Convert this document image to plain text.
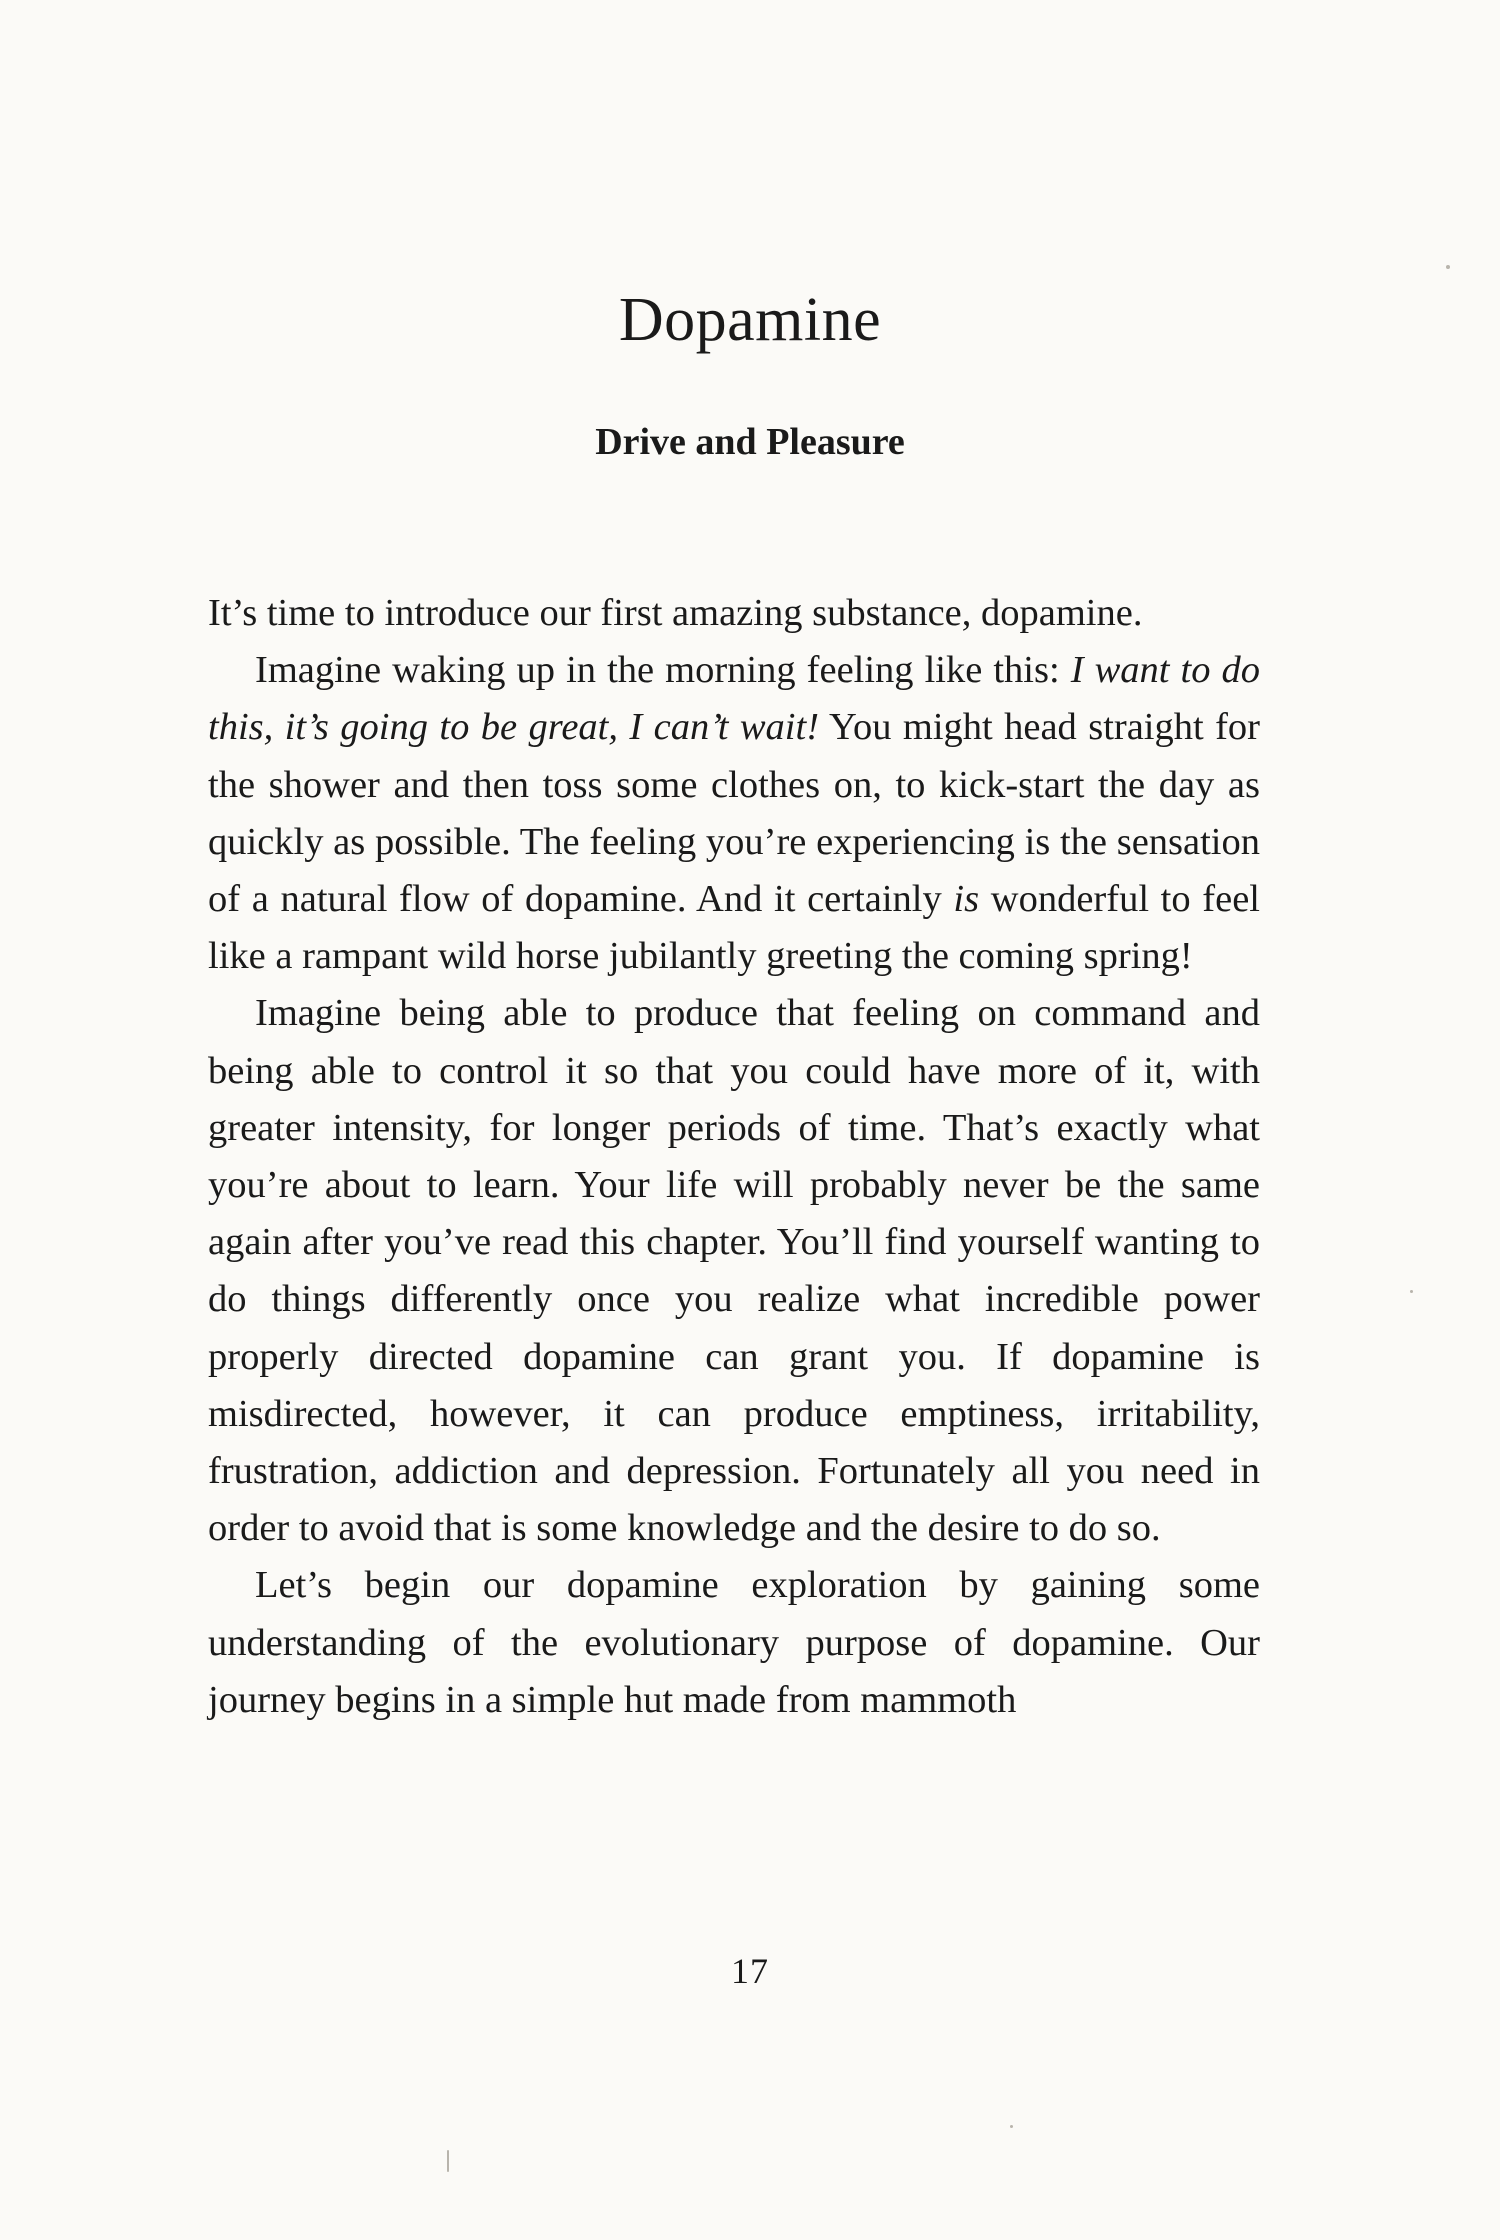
Dopamine
Drive and Pleasure

It’s time to introduce our first amazing substance, dopamine.

Imagine waking up in the morning feeling like this: I want to do this, it’s going to be great, I can’t wait! You might head straight for the shower and then toss some clothes on, to kick-start the day as quickly as possible. The feeling you’re experiencing is the sensation of a natural flow of dopamine. And it certainly is wonderful to feel like a rampant wild horse jubilantly greeting the coming spring!

Imagine being able to produce that feeling on command and being able to control it so that you could have more of it, with greater intensity, for longer periods of time. That’s exactly what you’re about to learn. Your life will probably never be the same again after you’ve read this chapter. You’ll find yourself wanting to do things differently once you realize what incredible power properly directed dopamine can grant you. If dopamine is misdirected, however, it can produce emptiness, irritability, frustration, addiction and depression. Fortunately all you need in order to avoid that is some knowledge and the desire to do so.

Let’s begin our dopamine exploration by gaining some understanding of the evolutionary purpose of dopamine. Our journey begins in a simple hut made from mammoth

17
